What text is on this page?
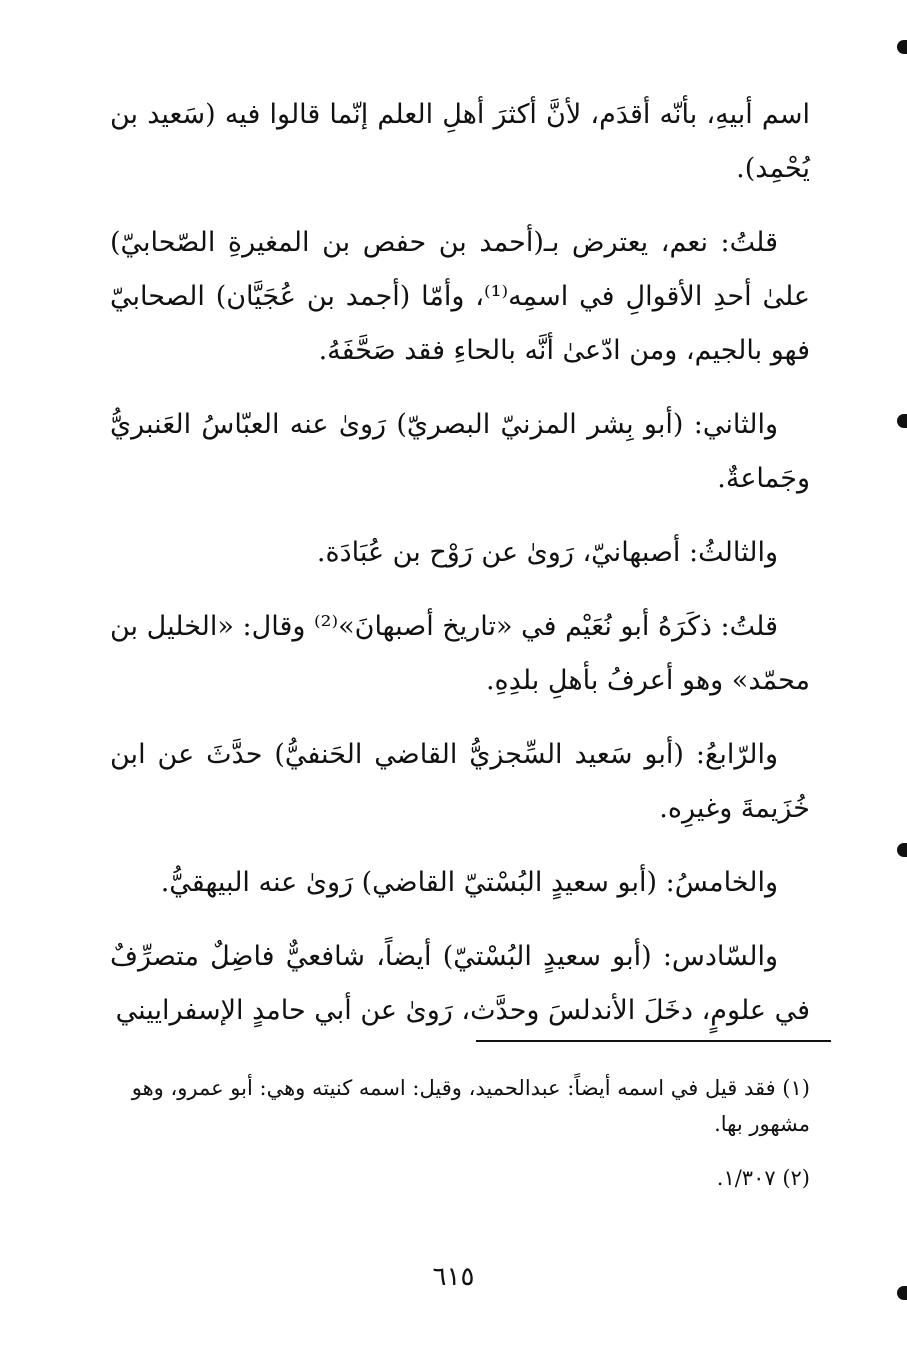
اسم أبيهِ، بأنّه أقدَم، لأنَّ أكثرَ أهلِ العلم إنّما قالوا فيه (سَعيد بن يُحْمِد).

قلتُ: نعم، يعترض بـ(أحمد بن حفص بن المغيرةِ الصّحابيّ) علىٰ أحدِ الأقوالِ في اسمِه⁽¹⁾، وأمّا (أجمد بن عُجَيَّان) الصحابيّ فهو بالجيم، ومن ادّعىٰ أنَّه بالحاءِ فقد صَحَّفَهُ.

والثاني: (أبو بِشر المزنيّ البصريّ) رَوىٰ عنه العبّاسُ العَنبريُّ وجَماعةٌ.

والثالثُ: أصبهانيّ، رَوىٰ عن رَوْح بن عُبَادَة.

قلتُ: ذكَرَهُ أبو نُعَيْم في «تاريخ أصبهانَ»⁽²⁾ وقال: «الخليل بن محمّد» وهو أعرفُ بأهلِ بلدِهِ.

والرّابعُ: (أبو سَعيد السِّجزيُّ القاضي الحَنفيُّ) حدَّثَ عن ابن خُزَيمةَ وغيرِه.

والخامسُ: (أبو سعيدٍ البُسْتيّ القاضي) رَوىٰ عنه البيهقيُّ.

والسّادس: (أبو سعيدٍ البُسْتيّ) أيضاً، شافعيٌّ فاضِلٌ متصرِّفٌ في علومٍ، دخَلَ الأندلسَ وحدَّث، رَوىٰ عن أبي حامدٍ الإسفراييني

(١) فقد قيل في اسمه أيضاً: عبدالحميد، وقيل: اسمه كنيته وهي: أبو عمرو، وهو مشهور بها.

(٢) ١/٣٠٧.

٦١٥
